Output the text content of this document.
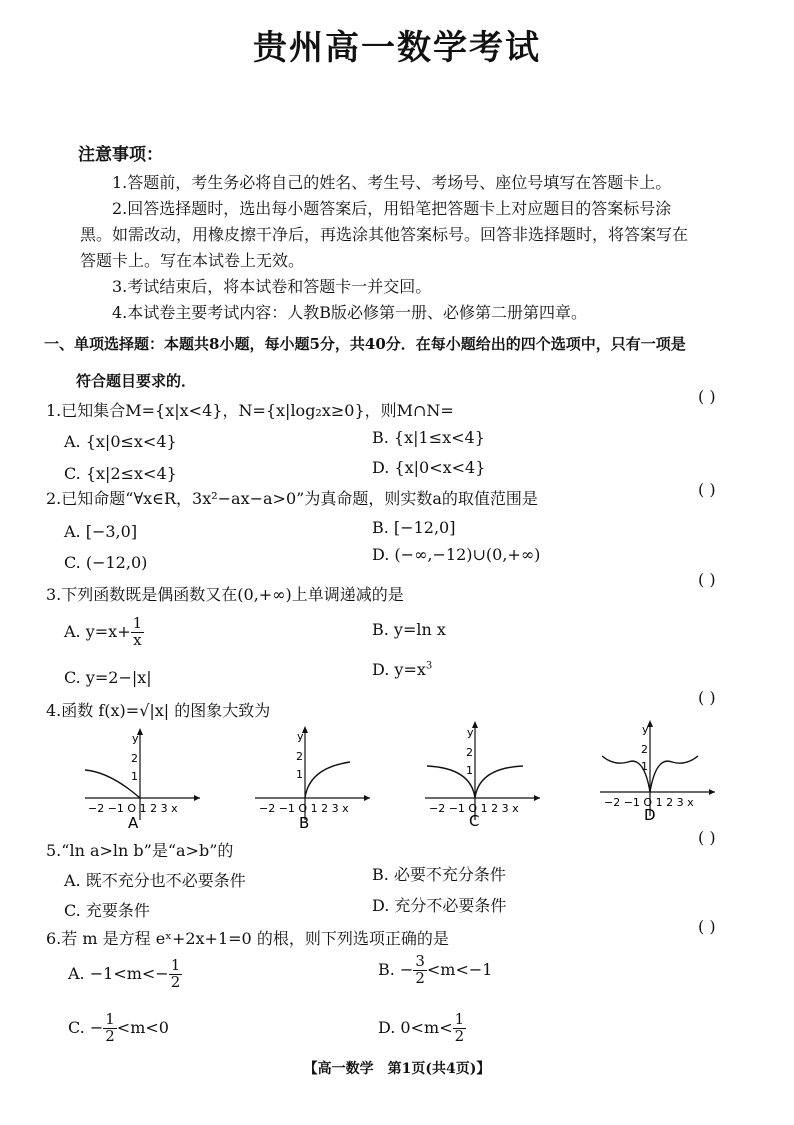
贵州高一数学考试
注意事项：
1.答题前，考生务必将自己的姓名、考生号、考场号、座位号填写在答题卡上。
2.回答选择题时，选出每小题答案后，用铅笔把答题卡上对应题目的答案标号涂
黑。如需改动，用橡皮擦干净后，再选涂其他答案标号。回答非选择题时，将答案写在
答题卡上。写在本试卷上无效。
3.考试结束后，将本试卷和答题卡一并交回。
4.本试卷主要考试内容：人教B版必修第一册、必修第二册第四章。
一、单项选择题：本题共8小题，每小题5分，共40分．在每小题给出的四个选项中，只有一项是
符合题目要求的．
1.已知集合M={x|x<4}，N={x|log₂x≥0}，则M∩N=
( )
A. {x|0≤x<4}	B. {x|1≤x<4}
C. {x|2≤x<4}	D. {x|0<x<4}
2.已知命题“∀x∈R，3x²−ax−a>0”为真命题，则实数a的取值范围是	( )
A. [−3,0]	B. [−12,0]
C. (−12,0)	D. (−∞,−12)∪(0,+∞)
3.下列函数既是偶函数又在(0,+∞)上单调递减的是
( )
A. $y=x+ \frac{1}{x}$	B. y=ln x
C. y=2−|x|	D. $y=x^3$
4.函数 f(x)=√|x| 的图象大致为
( )
y
2
1
−2 −1 O 1 2 3 x
A
y
2
1
−2 −1 O 1 2 3 x
B
y
2
1
−2 −1 O 1 2 3 x
C
y
2
1
−2 −1 O 1 2 3 x
D
5.“ln a>ln b”是“a>b”的
( )
A. 既不充分也不必要条件	B. 必要不充分条件
C. 充要条件	D. 充分不必要条件
6.若 m 是方程 eˣ+2x+1=0 的根，则下列选项正确的是
( )
A. $-1<m<- \frac{1}{2}$	B. − $\frac{3}{2} <m<-1$
C. − $\frac{1}{2} <m<0$	D. $0<m< \frac{1}{2}$
【高一数学　第1页(共4页)】
